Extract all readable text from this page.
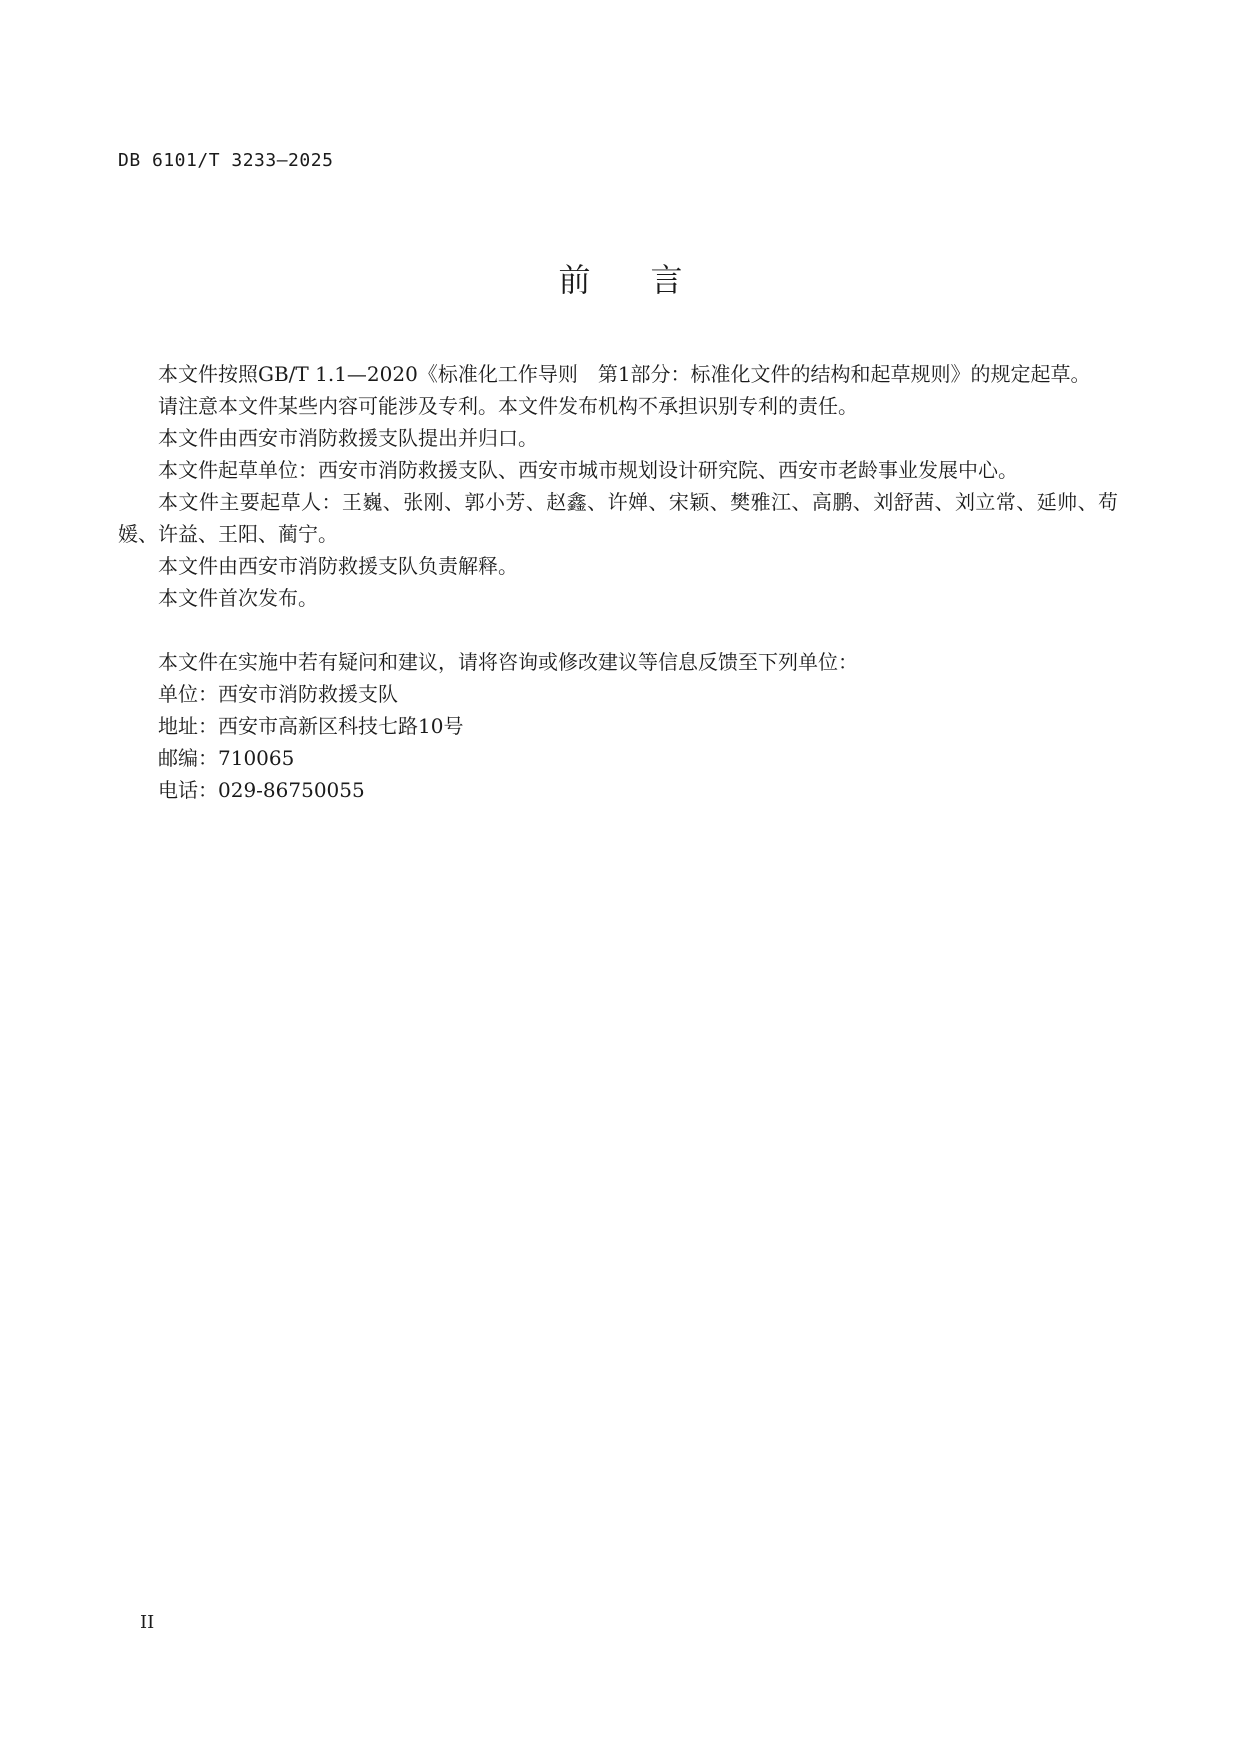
DB 6101/T 3233—2025
前言

本文件按照GB/T 1.1—2020《标准化工作导则　第1部分：标准化文件的结构和起草规则》的规定起草。

请注意本文件某些内容可能涉及专利。本文件发布机构不承担识别专利的责任。

本文件由西安市消防救援支队提出并归口。

本文件起草单位：西安市消防救援支队、西安市城市规划设计研究院、西安市老龄事业发展中心。

本文件主要起草人：王巍、张刚、郭小芳、赵鑫、许婵、宋颖、樊雅江、高鹏、刘舒茜、刘立常、延帅、苟媛、许益、王阳、蔺宁。

本文件由西安市消防救援支队负责解释。

本文件首次发布。

本文件在实施中若有疑问和建议，请将咨询或修改建议等信息反馈至下列单位：

单位：西安市消防救援支队

地址：西安市高新区科技七路10号

邮编：710065

电话：029-86750055

II
